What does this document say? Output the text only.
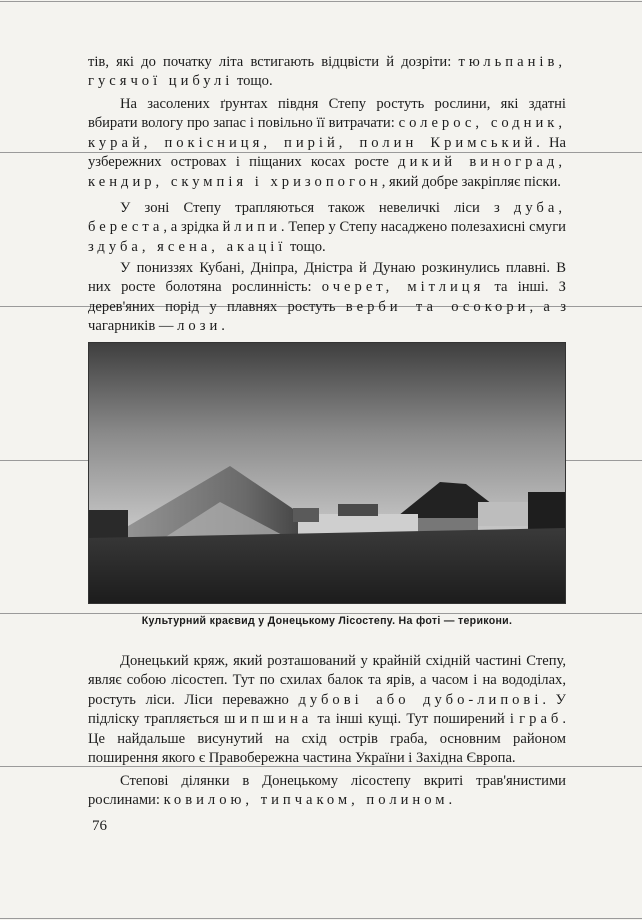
тів, які до початку літа встигають відцвісти й дозріти: тюльпанів, гусячої цибулі тощо.

На засолених ґрунтах півдня Степу ростуть рослини, які здатні вбирати вологу про запас і повільно її витрачати: солерос, содник, курай, покісниця, пирій, полин Кримський. На узбережних островах і піщаних косах росте дикий виноград, кендир, скумпія і хризопогон, який добре закріпляє піски.

У зоні Степу трапляються також невеличкі ліси з дуба, береста, а зрідка й липи. Тепер у Степу насаджено полезахисні смуги з дуба, ясена, акації тощо.

У пониззях Кубані, Дніпра, Дністра й Дунаю розкинулись плавні. В них росте болотяна рослинність: очерет, мітлиця та інші. З дерев'яних порід у плавнях ростуть верби та осокори, а з чагарників — лози.

Культурний краєвид у Донецькому Лісостепу. На фоті — терикони.

Донецький кряж, який розташований у крайній східній частині Степу, являє собою лісостеп. Тут по схилах балок та ярів, а часом і на вододілах, ростуть ліси. Ліси переважно дубові або дубо-липові. У підліску трапляється шипшина та інші кущі. Тут поширений і граб. Це найдальше висунутий на схід острів граба, основним районом поширення якого є Правобережна частина України і Західна Європа.

Степові ділянки в Донецькому лісостепу вкриті трав'янистими рослинами: ковилою, типчаком, полином.

76
